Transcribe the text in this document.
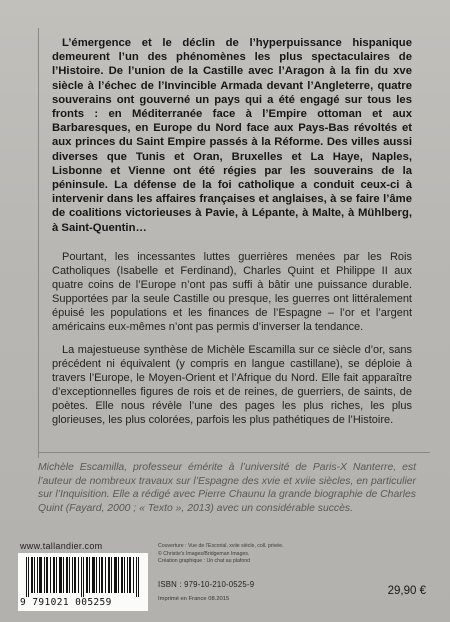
L’émergence et le déclin de l’hyperpuissance hispanique demeurent l’un des phénomènes les plus spectaculaires de l’Histoire. De l’union de la Castille avec l’Aragon à la fin du xve siècle à l’échec de l’Invincible Armada devant l’Angleterre, quatre souverains ont gouverné un pays qui a été engagé sur tous les fronts : en Méditerranée face à l’Empire ottoman et aux Barbaresques, en Europe du Nord face aux Pays-Bas révoltés et aux princes du Saint Empire passés à la Réforme. Des villes aussi diverses que Tunis et Oran, Bruxelles et La Haye, Naples, Lisbonne et Vienne ont été régies par les souverains de la péninsule. La défense de la foi catholique a conduit ceux-ci à intervenir dans les affaires françaises et anglaises, à se faire l’âme de coalitions victorieuses à Pavie, à Lépante, à Malte, à Mühlberg, à Saint-Quentin…

Pourtant, les incessantes luttes guerrières menées par les Rois Catholiques (Isabelle et Ferdinand), Charles Quint et Philippe II aux quatre coins de l’Europe n’ont pas suffi à bâtir une puissance durable. Supportées par la seule Castille ou presque, les guerres ont littéralement épuisé les populations et les finances de l’Espagne – l’or et l’argent américains eux-mêmes n’ont pas permis d’inverser la tendance.

La majestueuse synthèse de Michèle Escamilla sur ce siècle d’or, sans précédent ni équivalent (y compris en langue castillane), se déploie à travers l’Europe, le Moyen-Orient et l’Afrique du Nord. Elle fait apparaître d’exceptionnelles figures de rois et de reines, de guerriers, de saints, de poètes. Elle nous révèle l’une des pages les plus riches, les plus glorieuses, les plus colorées, parfois les plus pathétiques de l’Histoire.

Michèle Escamilla, professeur émérite à l’université de Paris-X Nanterre, est l’auteur de nombreux travaux sur l’Espagne des xvie et xviie siècles, en particulier sur l’Inquisition. Elle a rédigé avec Pierre Chaunu la grande biographie de Charles Quint (Fayard, 2000 ; « Texto », 2013) avec un considérable succès.

www.tallandier.com
9 791021 005259
Couverture : Vue de l’Escorial, xviie siècle, coll. privée.
© Christie’s Images/Bridgeman Images.
Création graphique : Un chat au plafond
ISBN : 979-10-210-0525-9
Imprimé en France 08.2015
29,90 €
